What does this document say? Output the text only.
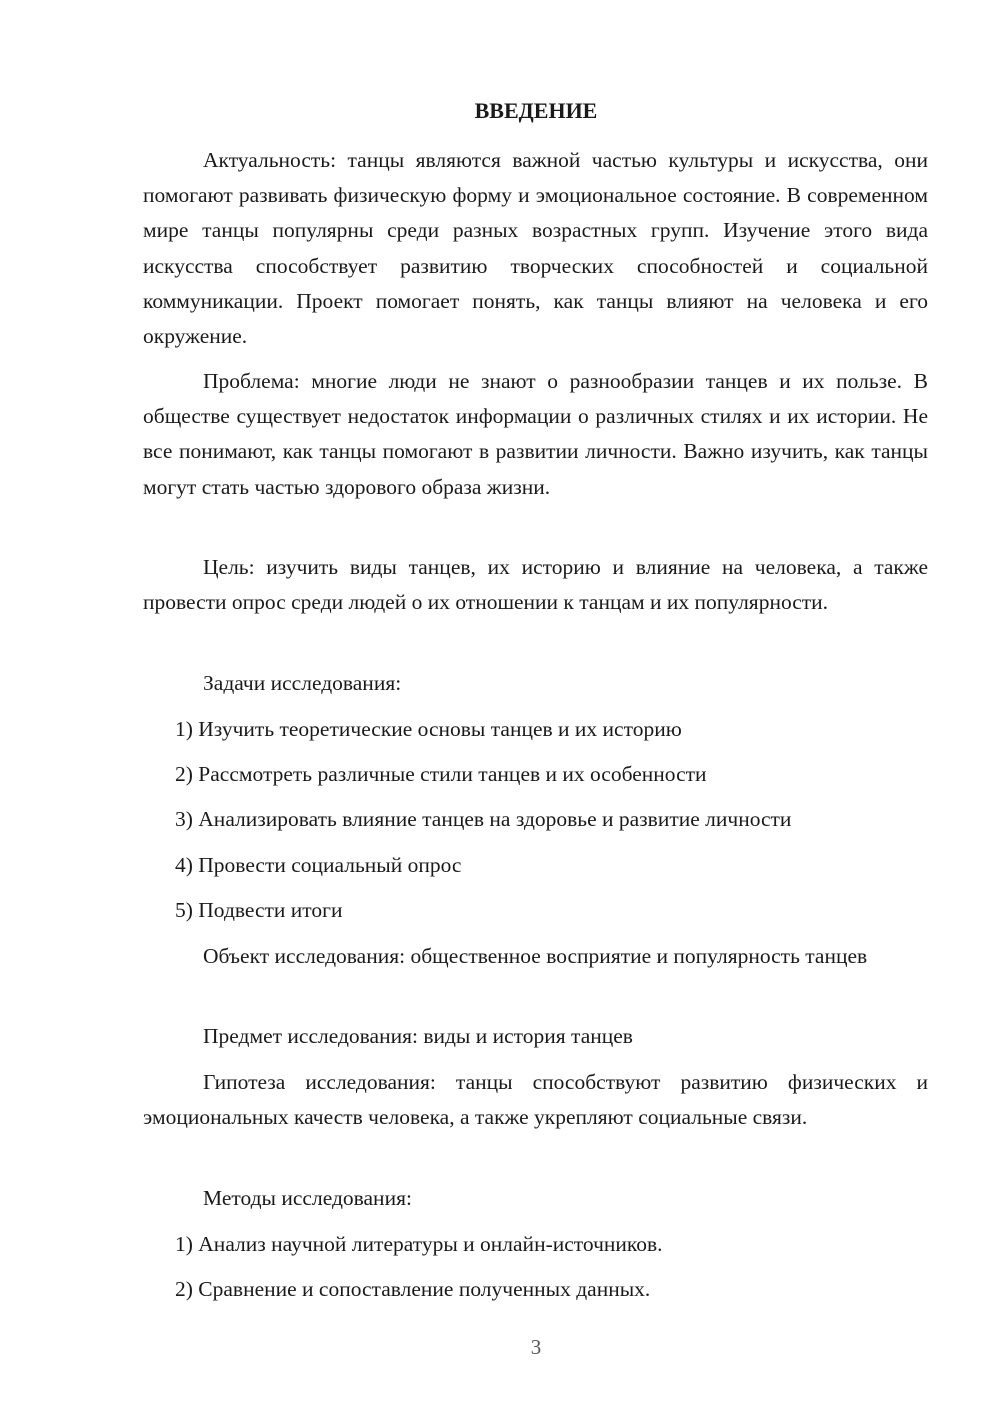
ВВЕДЕНИЕ

Актуальность: танцы являются важной частью культуры и искусства, они помогают развивать физическую форму и эмоциональное состояние. В современном мире танцы популярны среди разных возрастных групп. Изучение этого вида искусства способствует развитию творческих способностей и социальной коммуникации. Проект помогает понять, как танцы влияют на человека и его окружение.

Проблема: многие люди не знают о разнообразии танцев и их пользе. В обществе существует недостаток информации о различных стилях и их истории. Не все понимают, как танцы помогают в развитии личности. Важно изучить, как танцы могут стать частью здорового образа жизни.

Цель: изучить виды танцев, их историю и влияние на человека, а также провести опрос среди людей о их отношении к танцам и их популярности.

Задачи исследования:

1) Изучить теоретические основы танцев и их историю

2) Рассмотреть различные стили танцев и их особенности

3) Анализировать влияние танцев на здоровье и развитие личности

4) Провести социальный опрос

5) Подвести итоги

Объект исследования: общественное восприятие и популярность танцев

Предмет исследования: виды и история танцев

Гипотеза исследования: танцы способствуют развитию физических и эмоциональных качеств человека, а также укрепляют социальные связи.

Методы исследования:

1) Анализ научной литературы и онлайн-источников.

2) Сравнение и сопоставление полученных данных.

3
